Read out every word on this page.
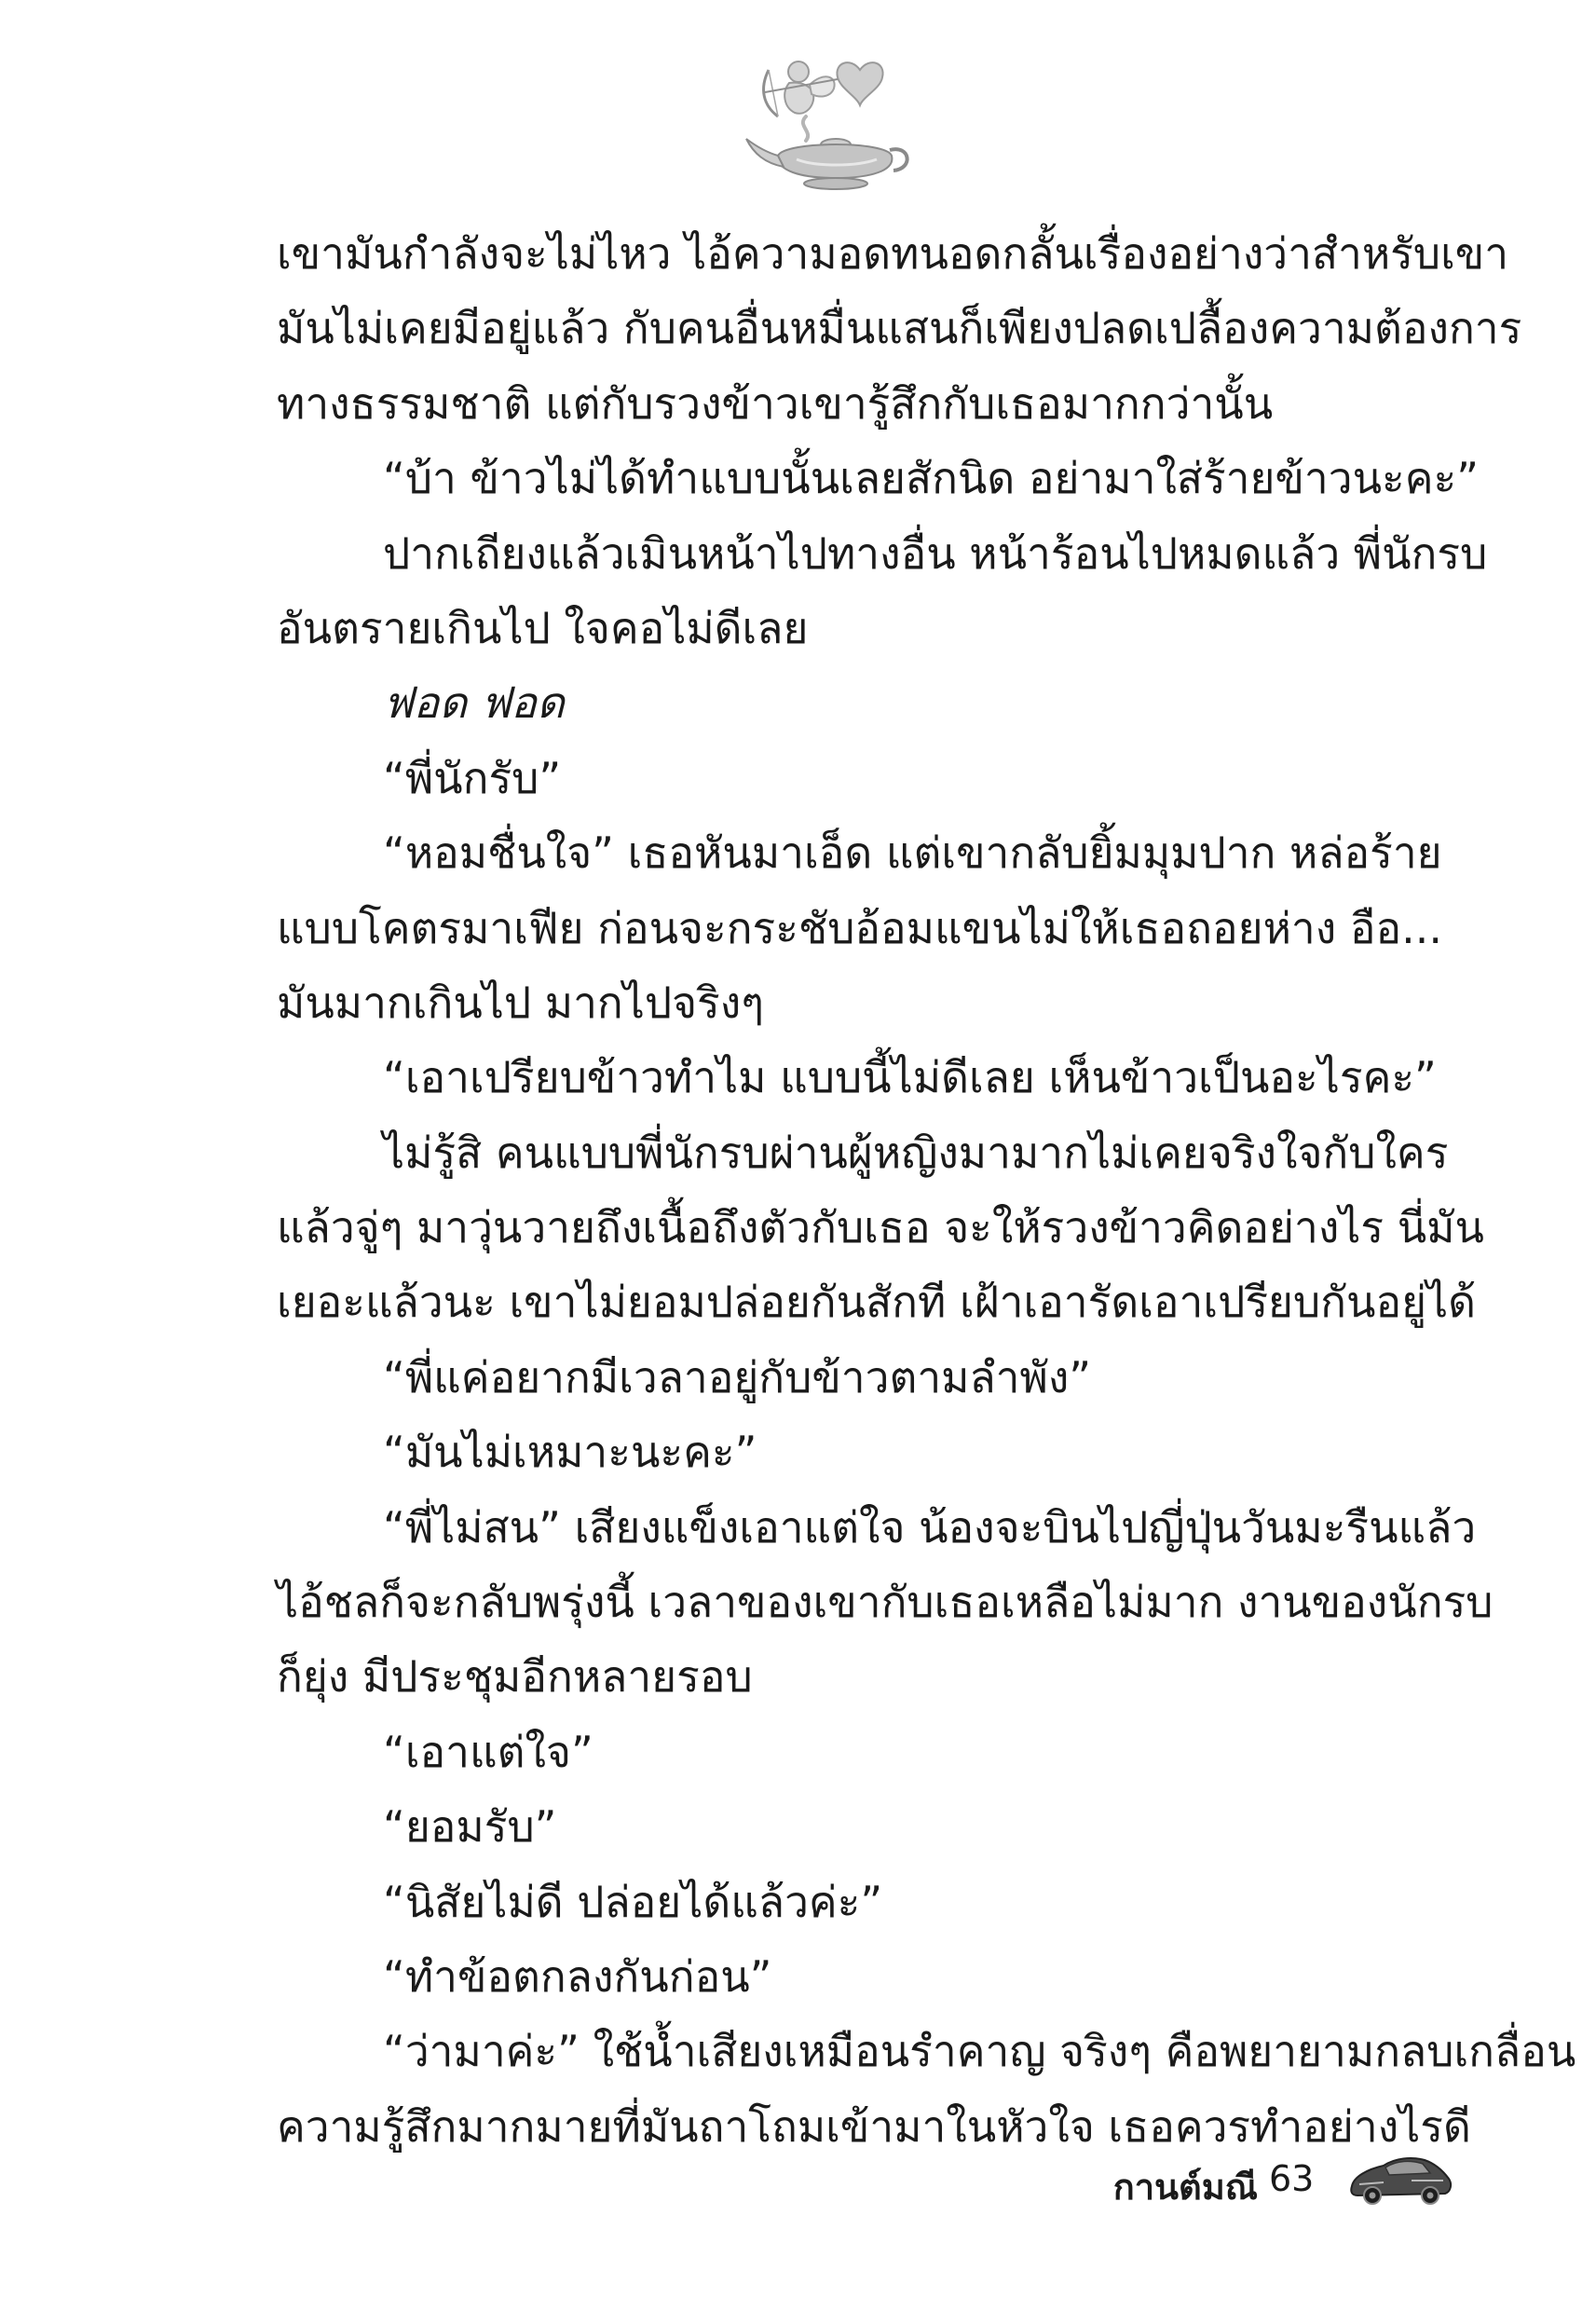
เขามันกำลังจะไม่ไหว ไอ้ความอดทนอดกลั้นเรื่องอย่างว่าสำหรับเขา
มันไม่เคยมีอยู่แล้ว กับคนอื่นหมื่นแสนก็เพียงปลดเปลื้องความต้องการ
ทางธรรมชาติ แต่กับรวงข้าวเขารู้สึกกับเธอมากกว่านั้น
“บ้า ข้าวไม่ได้ทำแบบนั้นเลยสักนิด อย่ามาใส่ร้ายข้าวนะคะ”
ปากเถียงแล้วเมินหน้าไปทางอื่น หน้าร้อนไปหมดแล้ว พี่นักรบ
อันตรายเกินไป ใจคอไม่ดีเลย
ฟอด ฟอด
“พี่นักรับ”
“หอมชื่นใจ” เธอหันมาเอ็ด แต่เขากลับยิ้มมุมปาก หล่อร้าย
แบบโคตรมาเฟีย ก่อนจะกระชับอ้อมแขนไม่ให้เธอถอยห่าง อือ...
มันมากเกินไป มากไปจริงๆ
“เอาเปรียบข้าวทำไม แบบนี้ไม่ดีเลย เห็นข้าวเป็นอะไรคะ”
ไม่รู้สิ คนแบบพี่นักรบผ่านผู้หญิงมามากไม่เคยจริงใจกับใคร
แล้วจู่ๆ มาวุ่นวายถึงเนื้อถึงตัวกับเธอ จะให้รวงข้าวคิดอย่างไร นี่มัน
เยอะแล้วนะ เขาไม่ยอมปล่อยกันสักที เฝ้าเอารัดเอาเปรียบกันอยู่ได้
“พี่แค่อยากมีเวลาอยู่กับข้าวตามลำพัง”
“มันไม่เหมาะนะคะ”
“พี่ไม่สน” เสียงแข็งเอาแต่ใจ น้องจะบินไปญี่ปุ่นวันมะรืนแล้ว
ไอ้ชลก็จะกลับพรุ่งนี้ เวลาของเขากับเธอเหลือไม่มาก งานของนักรบ
ก็ยุ่ง มีประชุมอีกหลายรอบ
“เอาแต่ใจ”
“ยอมรับ”
“นิสัยไม่ดี ปล่อยได้แล้วค่ะ”
“ทำข้อตกลงกันก่อน”
“ว่ามาค่ะ” ใช้น้ำเสียงเหมือนรำคาญ จริงๆ คือพยายามกลบเกลื่อน
ความรู้สึกมากมายที่มันถาโถมเข้ามาในหัวใจ เธอควรทำอย่างไรดี
กานต์มณี 63
